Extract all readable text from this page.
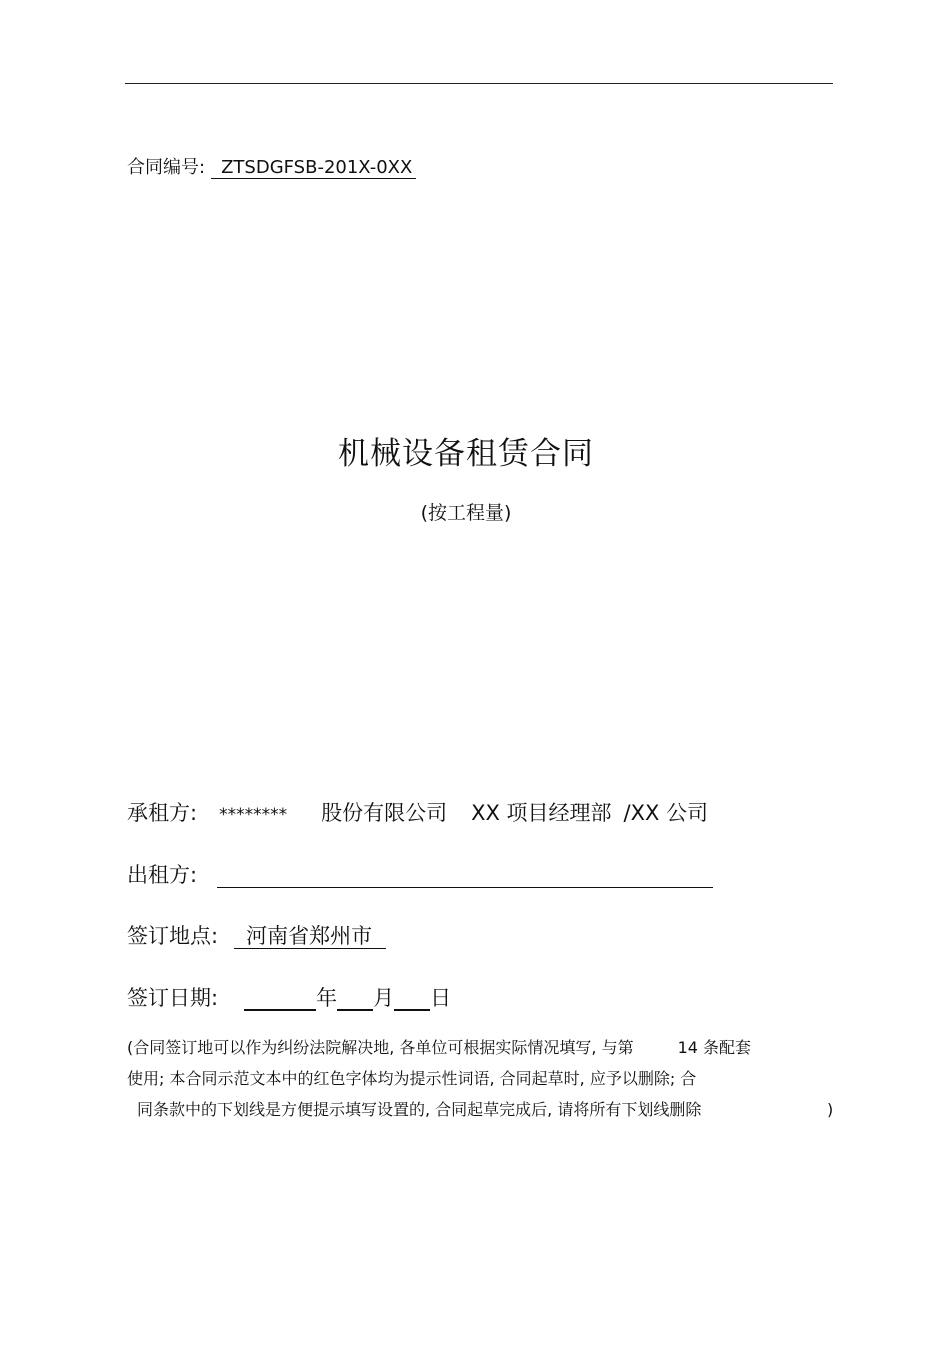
合同编号: ZTSDGFSB-201X-0XX
机械设备租赁合同
(按工程量)
承租方: ******** 股份有限公司 XX 项目经理部 /XX 公司
出租方:
签订地点: 河南省郑州市
签订日期:	年 月 日
(合同签订地可以作为纠纷法院解决地, 各单位可根据实际情况填写, 与第	14 条配套
使用; 本合同示范文本中的红色字体均为提示性词语, 合同起草时, 应予以删除; 合
同条款中的下划线是方便提示填写设置的, 合同起草完成后, 请将所有下划线删除	)
